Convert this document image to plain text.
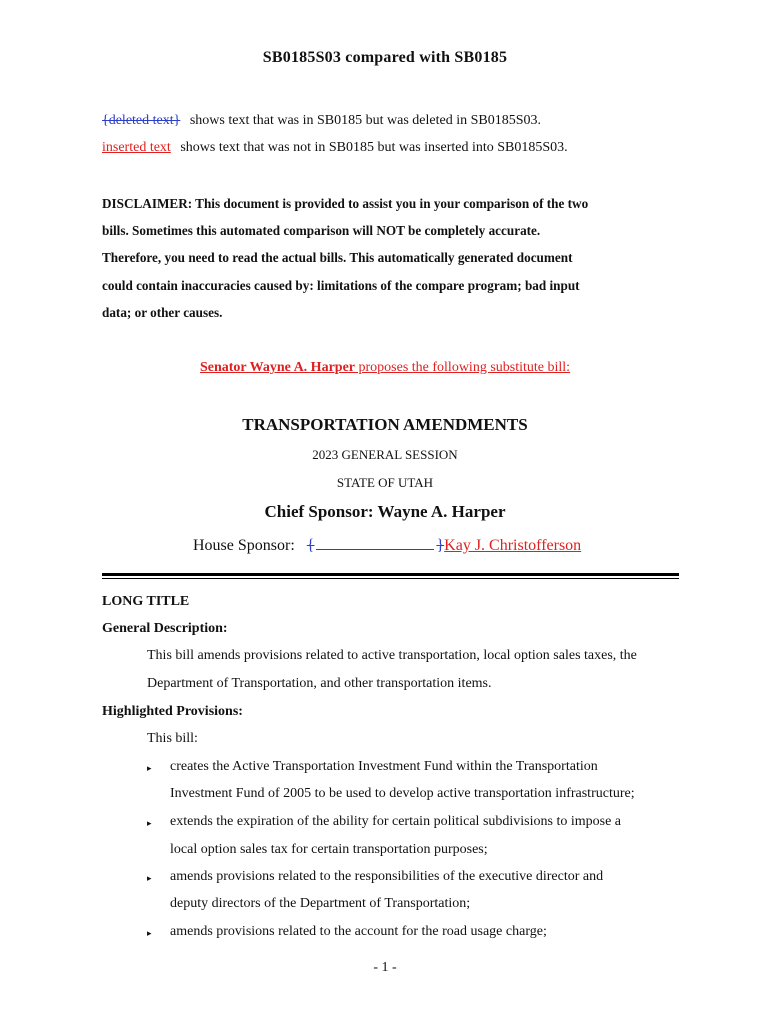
SB0185S03 compared with SB0185
{deleted text} shows text that was in SB0185 but was deleted in SB0185S03.
inserted text shows text that was not in SB0185 but was inserted into SB0185S03.
DISCLAIMER: This document is provided to assist you in your comparison of the two
bills. Sometimes this automated comparison will NOT be completely accurate.
Therefore, you need to read the actual bills. This automatically generated document
could contain inaccuracies caused by: limitations of the compare program; bad input
data; or other causes.
Senator Wayne A. Harper proposes the following substitute bill:
TRANSPORTATION AMENDMENTS
2023 GENERAL SESSION
STATE OF UTAH
Chief Sponsor: Wayne A. Harper
House Sponsor: {	}Kay J. Christofferson
LONG TITLE
General Description:
This bill amends provisions related to active transportation, local option sales taxes, the
Department of Transportation, and other transportation items.
Highlighted Provisions:
This bill:
▸ creates the Active Transportation Investment Fund within the Transportation
Investment Fund of 2005 to be used to develop active transportation infrastructure;
▸ extends the expiration of the ability for certain political subdivisions to impose a
local option sales tax for certain transportation purposes;
▸ amends provisions related to the responsibilities of the executive director and
deputy directors of the Department of Transportation;
▸ amends provisions related to the account for the road usage charge;
- 1 -
